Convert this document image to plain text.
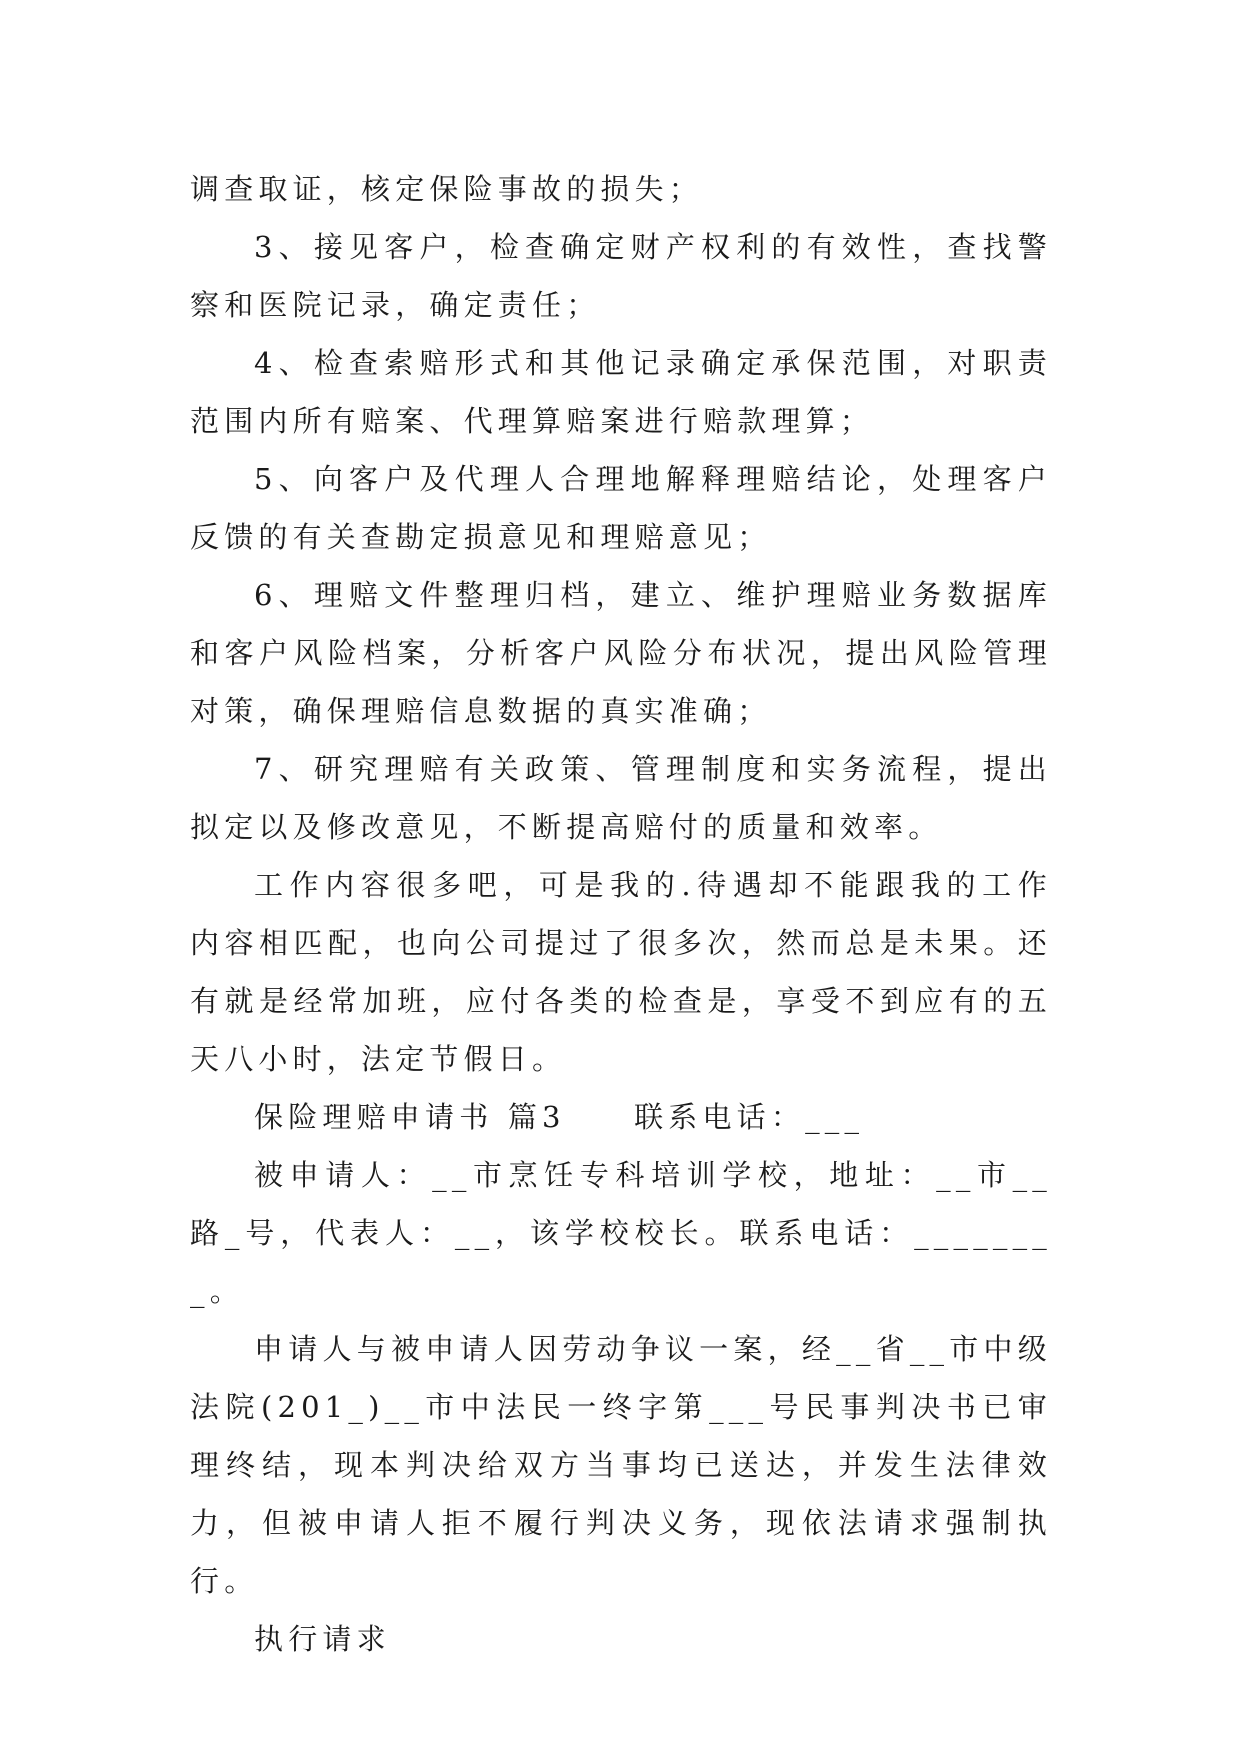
调查取证，核定保险事故的损失；

3、接见客户，检查确定财产权利的有效性，查找警察和医院记录，确定责任；

4、检查索赔形式和其他记录确定承保范围，对职责范围内所有赔案、代理算赔案进行赔款理算；

5、向客户及代理人合理地解释理赔结论，处理客户反馈的有关查勘定损意见和理赔意见；

6、理赔文件整理归档，建立、维护理赔业务数据库和客户风险档案，分析客户风险分布状况，提出风险管理对策，确保理赔信息数据的真实准确；

7、研究理赔有关政策、管理制度和实务流程，提出拟定以及修改意见，不断提高赔付的质量和效率。

工作内容很多吧，可是我的.待遇却不能跟我的工作内容相匹配，也向公司提过了很多次，然而总是未果。还有就是经常加班，应付各类的检查是，享受不到应有的五天八小时，法定节假日。

保险理赔申请书 篇3　　联系电话：___

被申请人：__市烹饪专科培训学校，地址：__市__路_号，代表人：__，该学校校长。联系电话：________。

申请人与被申请人因劳动争议一案，经__省__市中级法院(201_)__市中法民一终字第___号民事判决书已审理终结，现本判决给双方当事均已送达，并发生法律效力，但被申请人拒不履行判决义务，现依法请求强制执行。

执行请求
